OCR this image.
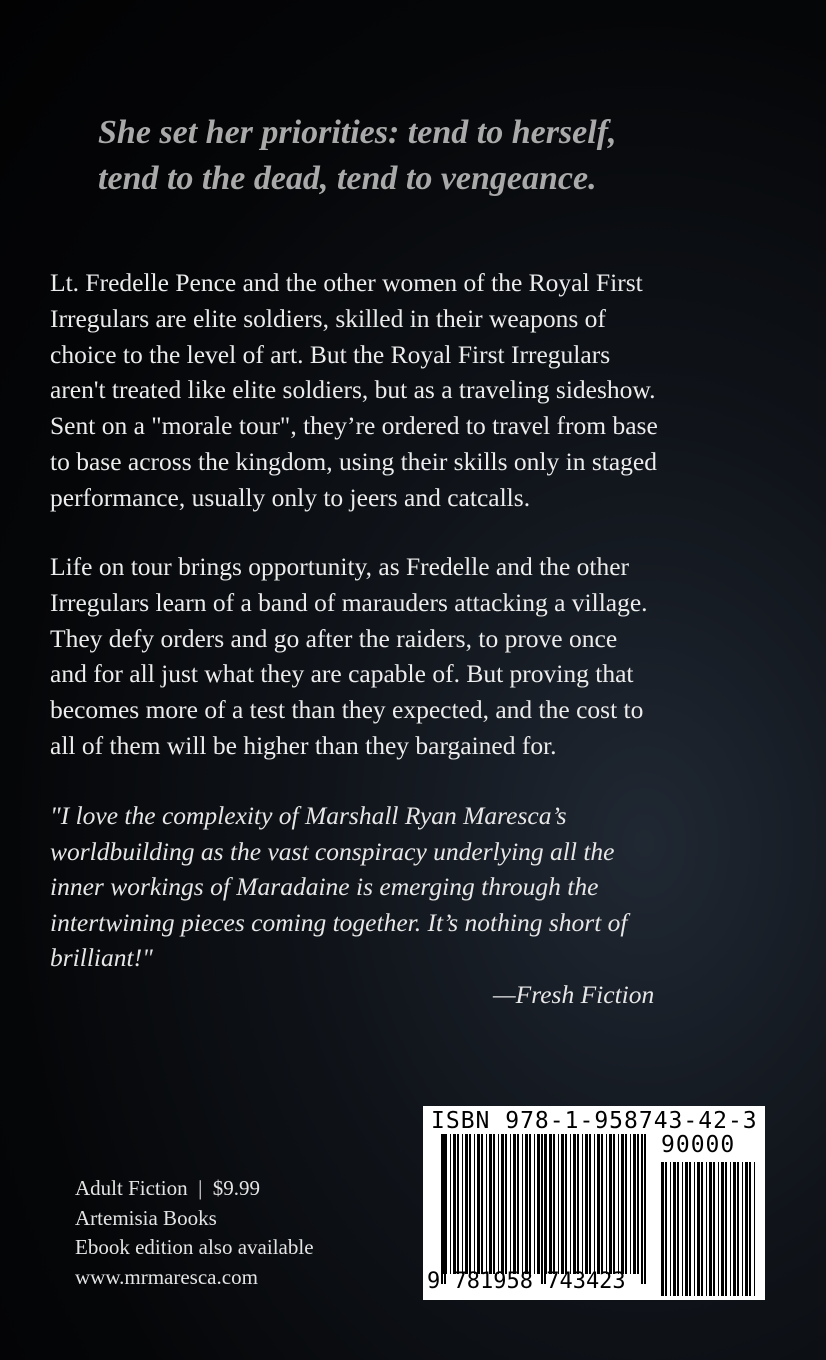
She set her priorities: tend to herself,
tend to the dead, tend to vengeance.
Lt. Fredelle Pence and the other women of the Royal First
Irregulars are elite soldiers, skilled in their weapons of
choice to the level of art. But the Royal First Irregulars
aren't treated like elite soldiers, but as a traveling sideshow.
Sent on a "morale tour", they’re ordered to travel from base
to base across the kingdom, using their skills only in staged
performance, usually only to jeers and catcalls.
Life on tour brings opportunity, as Fredelle and the other
Irregulars learn of a band of marauders attacking a village.
They defy orders and go after the raiders, to prove once
and for all just what they are capable of. But proving that
becomes more of a test than they expected, and the cost to
all of them will be higher than they bargained for.
"I love the complexity of Marshall Ryan Maresca’s
worldbuilding as the vast conspiracy underlying all the
inner workings of Maradaine is emerging through the
intertwining pieces coming together. It’s nothing short of
brilliant!"
—Fresh Fiction
Adult Fiction  |  $9.99
Artemisia Books
Ebook edition also available
www.mrmaresca.com
ISBN 978-1-958743-42-3
90000
9 781958 743423
